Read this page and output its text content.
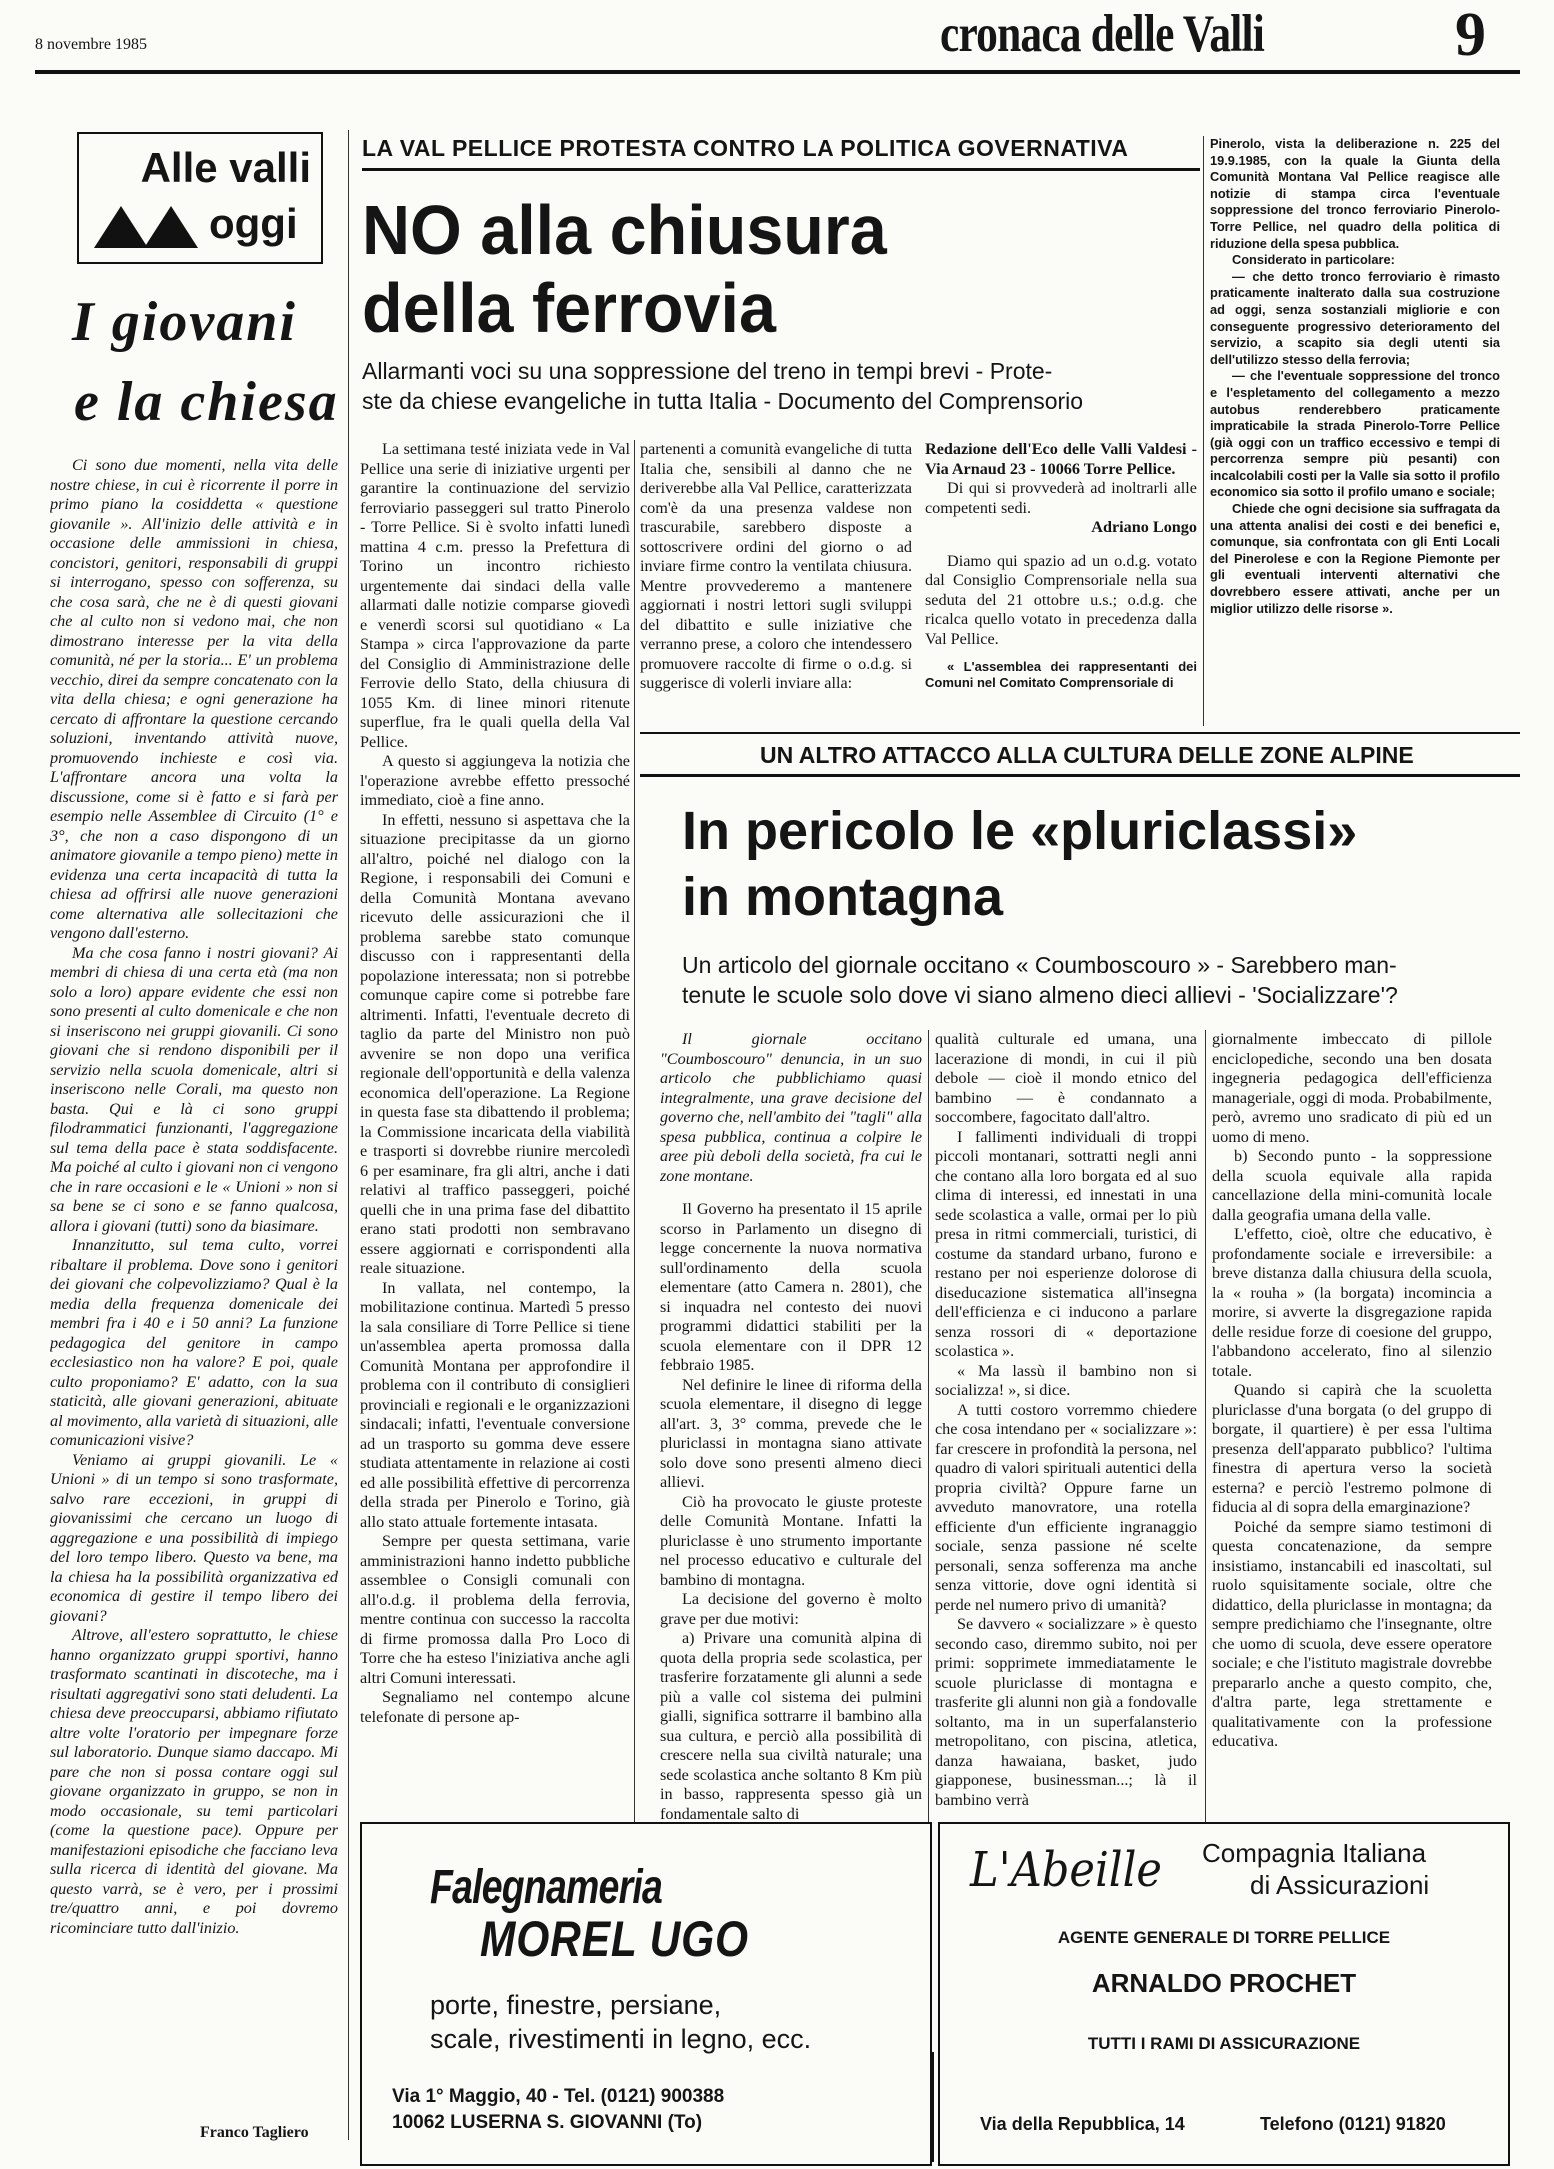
8 novembre 1985	cronaca delle Valli	9
Alle valli
oggi
I giovani
e la chiesa

Ci sono due momenti, nella vita delle nostre chiese, in cui è ricorrente il porre in primo piano la cosiddetta « questione giovanile ». All'inizio delle attività e in occasione delle ammissioni in chiesa, concistori, genitori, responsabili di gruppi si interrogano, spesso con sofferenza, su che cosa sarà, che ne è di questi giovani che al culto non si vedono mai, che non dimostrano interesse per la vita della comunità, né per la storia... E' un problema vecchio, direi da sempre concatenato con la vita della chiesa; e ogni generazione ha cercato di affrontare la questione cercando soluzioni, inventando attività nuove, promuovendo inchieste e così via. L'affrontare ancora una volta la discussione, come si è fatto e si farà per esempio nelle Assemblee di Circuito (1° e 3°, che non a caso dispongono di un animatore giovanile a tempo pieno) mette in evidenza una certa incapacità di tutta la chiesa ad offrirsi alle nuove generazioni come alternativa alle sollecitazioni che vengono dall'esterno.

Ma che cosa fanno i nostri giovani? Ai membri di chiesa di una certa età (ma non solo a loro) appare evidente che essi non sono presenti al culto domenicale e che non si inseriscono nei gruppi giovanili. Ci sono giovani che si rendono disponibili per il servizio nella scuola domenicale, altri si inseriscono nelle Corali, ma questo non basta. Qui e là ci sono gruppi filodrammatici funzionanti, l'aggregazione sul tema della pace è stata soddisfacente. Ma poiché al culto i giovani non ci vengono che in rare occasioni e le « Unioni » non si sa bene se ci sono e se fanno qualcosa, allora i giovani (tutti) sono da biasimare.

Innanzitutto, sul tema culto, vorrei ribaltare il problema. Dove sono i genitori dei giovani che colpevolizziamo? Qual è la media della frequenza domenicale dei membri fra i 40 e i 50 anni? La funzione pedagogica del genitore in campo ecclesiastico non ha valore? E poi, quale culto proponiamo? E' adatto, con la sua staticità, alle giovani generazioni, abituate al movimento, alla varietà di situazioni, alle comunicazioni visive?

Veniamo ai gruppi giovanili. Le « Unioni » di un tempo si sono trasformate, salvo rare eccezioni, in gruppi di giovanissimi che cercano un luogo di aggregazione e una possibilità di impiego del loro tempo libero. Questo va bene, ma la chiesa ha la possibilità organizzativa ed economica di gestire il tempo libero dei giovani?

Altrove, all'estero soprattutto, le chiese hanno organizzato gruppi sportivi, hanno trasformato scantinati in discoteche, ma i risultati aggregativi sono stati deludenti. La chiesa deve preoccuparsi, abbiamo rifiutato altre volte l'oratorio per impegnare forze sul laboratorio. Dunque siamo daccapo. Mi pare che non si possa contare oggi sul giovane organizzato in gruppo, se non in modo occasionale, su temi particolari (come la questione pace). Oppure per manifestazioni episodiche che facciano leva sulla ricerca di identità del giovane. Ma questo varrà, se è vero, per i prossimi tre/quattro anni, e poi dovremo ricominciare tutto dall'inizio.

Franco Tagliero
LA VAL PELLICE PROTESTA CONTRO LA POLITICA GOVERNATIVA
NO alla chiusura
della ferrovia
Allarmanti voci su una soppressione del treno in tempi brevi - Prote-
ste da chiese evangeliche in tutta Italia - Documento del Comprensorio

La settimana testé iniziata vede in Val Pellice una serie di iniziative urgenti per garantire la continuazione del servizio ferroviario passeggeri sul tratto Pinerolo - Torre Pellice. Si è svolto infatti lunedì mattina 4 c.m. presso la Prefettura di Torino un incontro richiesto urgentemente dai sindaci della valle allarmati dalle notizie comparse giovedì e venerdì scorsi sul quotidiano « La Stampa » circa l'approvazione da parte del Consiglio di Amministrazione delle Ferrovie dello Stato, della chiusura di 1055 Km. di linee minori ritenute superflue, fra le quali quella della Val Pellice.

A questo si aggiungeva la notizia che l'operazione avrebbe effetto pressoché immediato, cioè a fine anno.

In effetti, nessuno si aspettava che la situazione precipitasse da un giorno all'altro, poiché nel dialogo con la Regione, i responsabili dei Comuni e della Comunità Montana avevano ricevuto delle assicurazioni che il problema sarebbe stato comunque discusso con i rappresentanti della popolazione interessata; non si potrebbe comunque capire come si potrebbe fare altrimenti. Infatti, l'eventuale decreto di taglio da parte del Ministro non può avvenire se non dopo una verifica regionale dell'opportunità e della valenza economica dell'operazione. La Regione in questa fase sta dibattendo il problema; la Commissione incaricata della viabilità e trasporti si dovrebbe riunire mercoledì 6 per esaminare, fra gli altri, anche i dati relativi al traffico passeggeri, poiché quelli che in una prima fase del dibattito erano stati prodotti non sembravano essere aggiornati e corrispondenti alla reale situazione.

In vallata, nel contempo, la mobilitazione continua. Martedì 5 presso la sala consiliare di Torre Pellice si tiene un'assemblea aperta promossa dalla Comunità Montana per approfondire il problema con il contributo di consiglieri provinciali e regionali e le organizzazioni sindacali; infatti, l'eventuale conversione ad un trasporto su gomma deve essere studiata attentamente in relazione ai costi ed alle possibilità effettive di percorrenza della strada per Pinerolo e Torino, già allo stato attuale fortemente intasata.

Sempre per questa settimana, varie amministrazioni hanno indetto pubbliche assemblee o Consigli comunali con all'o.d.g. il problema della ferrovia, mentre continua con successo la raccolta di firme promossa dalla Pro Loco di Torre che ha esteso l'iniziativa anche agli altri Comuni interessati.

Segnaliamo nel contempo alcune telefonate di persone ap-

partenenti a comunità evangeliche di tutta Italia che, sensibili al danno che ne deriverebbe alla Val Pellice, caratterizzata com'è da una presenza valdese non trascurabile, sarebbero disposte a sottoscrivere ordini del giorno o ad inviare firme contro la ventilata chiusura. Mentre provvederemo a mantenere aggiornati i nostri lettori sugli sviluppi del dibattito e sulle iniziative che verranno prese, a coloro che intendessero promuovere raccolte di firme o o.d.g. si suggerisce di volerli inviare alla:

Redazione dell'Eco delle Valli Valdesi - Via Arnaud 23 - 10066 Torre Pellice.

Di qui si provvederà ad inoltrarli alle competenti sedi.

Adriano Longo

Diamo qui spazio ad un o.d.g. votato dal Consiglio Comprensoriale nella sua seduta del 21 ottobre u.s.; o.d.g. che ricalca quello votato in precedenza dalla Val Pellice.

« L'assemblea dei rappresentanti dei Comuni nel Comitato Comprensoriale di

Pinerolo, vista la deliberazione n. 225 del 19.9.1985, con la quale la Giunta della Comunità Montana Val Pellice reagisce alle notizie di stampa circa l'eventuale soppressione del tronco ferroviario Pinerolo-Torre Pellice, nel quadro della politica di riduzione della spesa pubblica.

Considerato in particolare:

— che detto tronco ferroviario è rimasto praticamente inalterato dalla sua costruzione ad oggi, senza sostanziali migliorie e con conseguente progressivo deterioramento del servizio, a scapito sia degli utenti sia dell'utilizzo stesso della ferrovia;

— che l'eventuale soppressione del tronco e l'espletamento del collegamento a mezzo autobus renderebbero praticamente impraticabile la strada Pinerolo-Torre Pellice (già oggi con un traffico eccessivo e tempi di percorrenza sempre più pesanti) con incalcolabili costi per la Valle sia sotto il profilo economico sia sotto il profilo umano e sociale;

Chiede che ogni decisione sia suffragata da una attenta analisi dei costi e dei benefici e, comunque, sia confrontata con gli Enti Locali del Pinerolese e con la Regione Piemonte per gli eventuali interventi alternativi che dovrebbero essere attivati, anche per un miglior utilizzo delle risorse ».

UN ALTRO ATTACCO ALLA CULTURA DELLE ZONE ALPINE
In pericolo le «pluriclassi»
in montagna
Un articolo del giornale occitano « Coumboscouro » - Sarebbero man-
tenute le scuole solo dove vi siano almeno dieci allievi - 'Socializzare'?

Il giornale occitano "Coumboscouro" denuncia, in un suo articolo che pubblichiamo quasi integralmente, una grave decisione del governo che, nell'ambito dei "tagli" alla spesa pubblica, continua a colpire le aree più deboli della società, fra cui le zone montane.

Il Governo ha presentato il 15 aprile scorso in Parlamento un disegno di legge concernente la nuova normativa sull'ordinamento della scuola elementare (atto Camera n. 2801), che si inquadra nel contesto dei nuovi programmi didattici stabiliti per la scuola elementare con il DPR 12 febbraio 1985.

Nel definire le linee di riforma della scuola elementare, il disegno di legge all'art. 3, 3° comma, prevede che le pluriclassi in montagna siano attivate solo dove sono presenti almeno dieci allievi.

Ciò ha provocato le giuste proteste delle Comunità Montane. Infatti la pluriclasse è uno strumento importante nel processo educativo e culturale del bambino di montagna.

La decisione del governo è molto grave per due motivi:

a) Privare una comunità alpina di quota della propria sede scolastica, per trasferire forzatamente gli alunni a sede più a valle col sistema dei pulmini gialli, significa sottrarre il bambino alla sua cultura, e perciò alla possibilità di crescere nella sua civiltà naturale; una sede scolastica anche soltanto 8 Km più in basso, rappresenta spesso già un fondamentale salto di

qualità culturale ed umana, una lacerazione di mondi, in cui il più debole — cioè il mondo etnico del bambino — è condannato a soccombere, fagocitato dall'altro.

I fallimenti individuali di troppi piccoli montanari, sottratti negli anni che contano alla loro borgata ed al suo clima di interessi, ed innestati in una sede scolastica a valle, ormai per lo più presa in ritmi commerciali, turistici, di costume da standard urbano, furono e restano per noi esperienze dolorose di diseducazione sistematica all'insegna dell'efficienza e ci inducono a parlare senza rossori di « deportazione scolastica ».

« Ma lassù il bambino non si socializza! », si dice.

A tutti costoro vorremmo chiedere che cosa intendano per « socializzare »: far crescere in profondità la persona, nel quadro di valori spirituali autentici della propria civiltà? Oppure farne un avveduto manovratore, una rotella efficiente d'un efficiente ingranaggio sociale, senza passione né scelte personali, senza sofferenza ma anche senza vittorie, dove ogni identità si perde nel numero privo di umanità?

Se davvero « socializzare » è questo secondo caso, diremmo subito, noi per primi: sopprimete immediatamente le scuole pluriclasse di montagna e trasferite gli alunni non già a fondovalle soltanto, ma in un superfalansterio metropolitano, con piscina, atletica, danza hawaiana, basket, judo giapponese, businessman...; là il bambino verrà

giornalmente imbeccato di pillole enciclopediche, secondo una ben dosata ingegneria pedagogica dell'efficienza manageriale, oggi di moda. Probabilmente, però, avremo uno sradicato di più ed un uomo di meno.

b) Secondo punto - la soppressione della scuola equivale alla rapida cancellazione della mini-comunità locale dalla geografia umana della valle.

L'effetto, cioè, oltre che educativo, è profondamente sociale e irreversibile: a breve distanza dalla chiusura della scuola, la « rouha » (la borgata) incomincia a morire, si avverte la disgregazione rapida delle residue forze di coesione del gruppo, l'abbandono accelerato, fino al silenzio totale.

Quando si capirà che la scuoletta pluriclasse d'una borgata (o del gruppo di borgate, il quartiere) è per essa l'ultima presenza dell'apparato pubblico? l'ultima finestra di apertura verso la società esterna? e perciò l'estremo polmone di fiducia al di sopra della emarginazione?

Poiché da sempre siamo testimoni di questa concatenazione, da sempre insistiamo, instancabili ed inascoltati, sul ruolo squisitamente sociale, oltre che didattico, della pluriclasse in montagna; da sempre predichiamo che l'insegnante, oltre che uomo di scuola, deve essere operatore sociale; e che l'istituto magistrale dovrebbe prepararlo anche a questo compito, che, d'altra parte, lega strettamente e qualitativamente con la professione educativa.

Falegnameria
MOREL UGO
porte, finestre, persiane,
scale, rivestimenti in legno, ecc.
Via 1° Maggio, 40 - Tel. (0121) 900388
10062 LUSERNA S. GIOVANNI (To)
L'Abeille Compagnia Italiana
di Assicurazioni
AGENTE GENERALE DI TORRE PELLICE
ARNALDO PROCHET
TUTTI I RAMI DI ASSICURAZIONE
Via della Repubblica, 14	Telefono (0121) 91820
